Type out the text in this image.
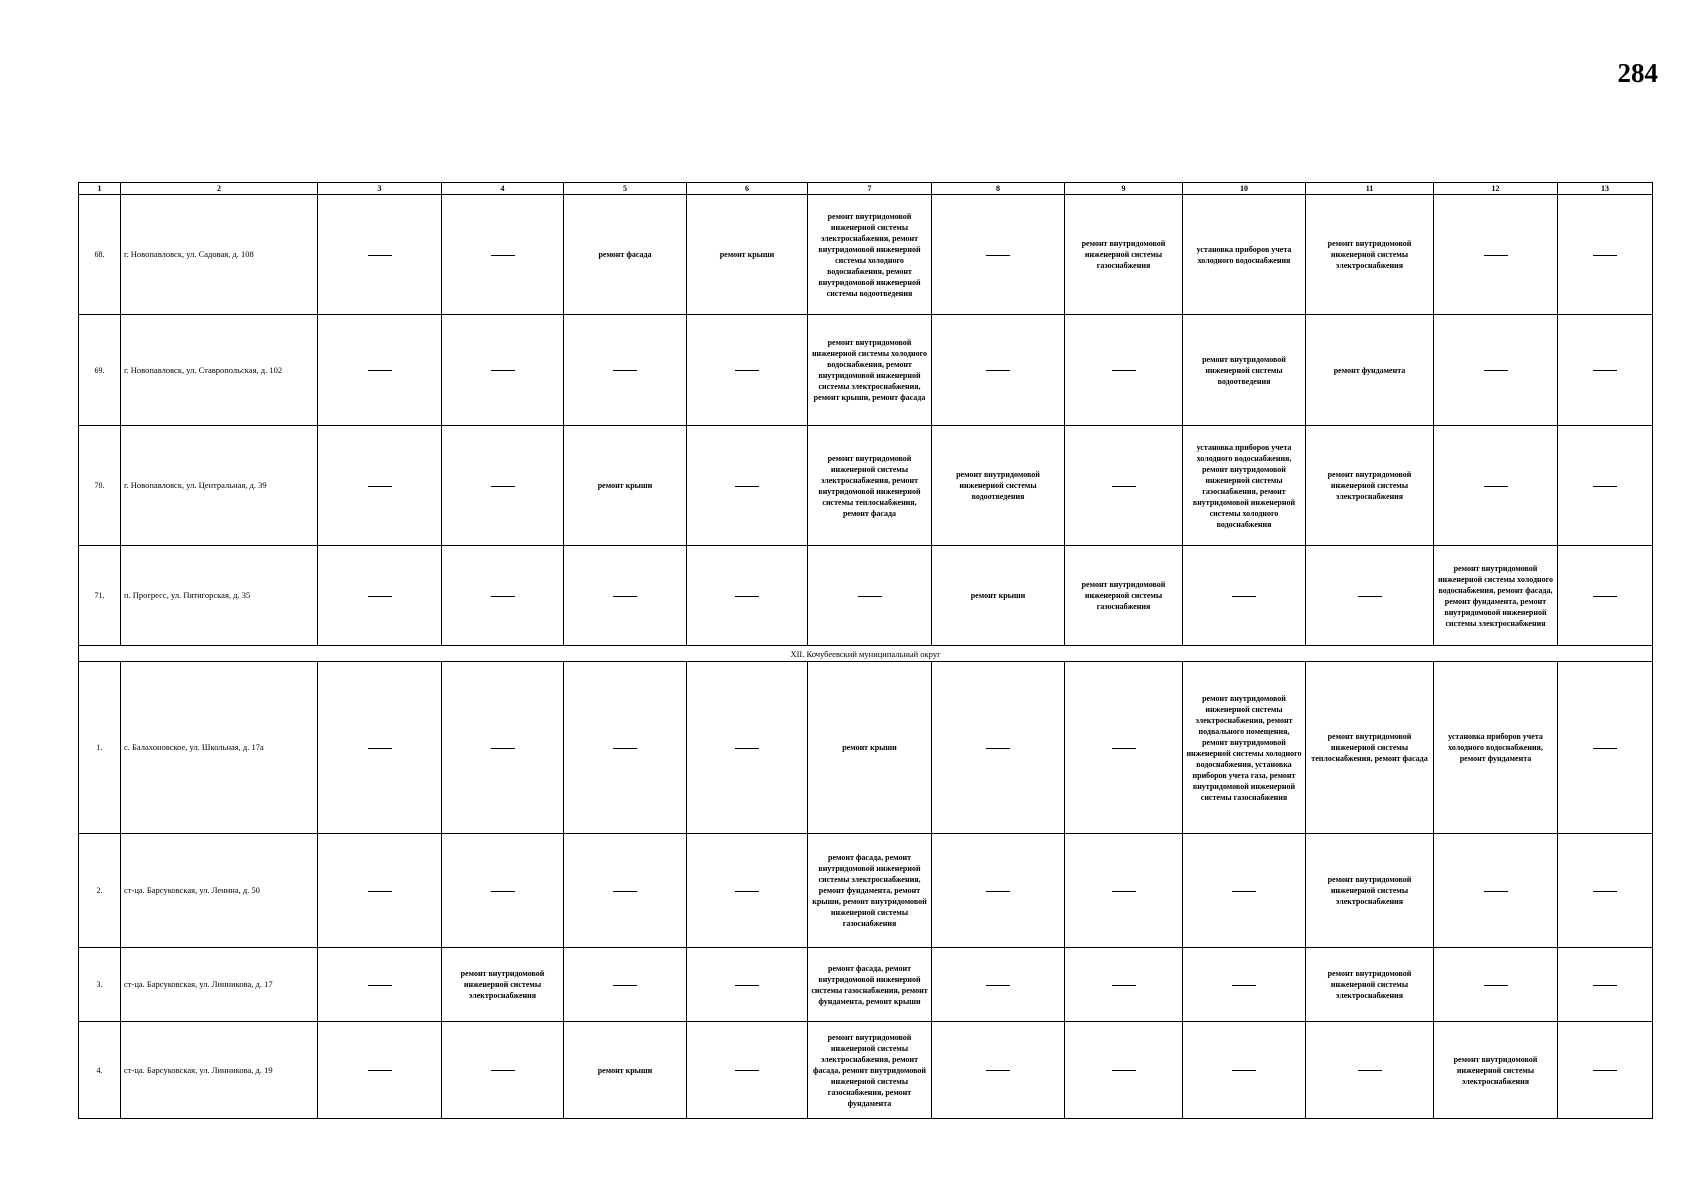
284
1	2	3	4	5	6	7	8	9	10	11	12	13
68.	г. Новопавловск, ул. Садовая, д. 108			ремонт фасада	ремонт крыши	ремонт внутридомовой инженерной системы электроснабжения, ремонт внутридомовой инженерной системы холодного водоснабжения, ремонт внутридомовой инженерной системы водоотведения		ремонт внутридомовой инженерной системы газоснабжения	установка приборов учета холодного водоснабжения	ремонт внутридомовой инженерной системы электроснабжения		
69.	г. Новопавловск, ул. Ставропольская, д. 102					ремонт внутридомовой инженерной системы холодного водоснабжения, ремонт внутридомовой инженерной системы электроснабжения, ремонт крыши, ремонт фасада			ремонт внутридомовой инженерной системы водоотведения	ремонт фундамента		
70.	г. Новопавловск, ул. Центральная, д. 39			ремонт крыши		ремонт внутридомовой инженерной системы электроснабжения, ремонт внутридомовой инженерной системы теплоснабжения, ремонт фасада	ремонт внутридомовой инженерной системы водоотведения		установка приборов учета холодного водоснабжения, ремонт внутридомовой инженерной системы газоснабжения, ремонт внутридомовой инженерной системы холодного водоснабжения	ремонт внутридомовой инженерной системы электроснабжения		
71.	п. Прогресс, ул. Пятигорская, д. 35						ремонт крыши	ремонт внутридомовой инженерной системы газоснабжения			ремонт внутридомовой инженерной системы холодного водоснабжения, ремонт фасада, ремонт фундамента, ремонт внутридомовой инженерной системы электроснабжения	
XII. Кочубеевский муниципальный округ												
1.	с. Балахоновское, ул. Школьная, д. 17а					ремонт крыши			ремонт внутридомовой инженерной системы электроснабжения, ремонт подвального помещения, ремонт внутридомовой инженерной системы холодного водоснабжения, установка приборов учета газа, ремонт внутридомовой инженерной системы газоснабжения	ремонт внутридомовой инженерной системы теплоснабжения, ремонт фасада	установка приборов учета холодного водоснабжения, ремонт фундамента	
2.	ст-ца. Барсуковская, ул. Ленина, д. 50					ремонт фасада, ремонт внутридомовой инженерной системы электроснабжения, ремонт фундамента, ремонт крыши, ремонт внутридомовой инженерной системы газоснабжения				ремонт внутридомовой инженерной системы электроснабжения		
3.	ст-ца. Барсуковская, ул. Линникова, д. 17		ремонт внутридомовой инженерной системы электроснабжения			ремонт фасада, ремонт внутридомовой инженерной системы газоснабжения, ремонт фундамента, ремонт крыши				ремонт внутридомовой инженерной системы электроснабжения		
4.	ст-ца. Барсуковская, ул. Линникова, д. 19			ремонт крыши		ремонт внутридомовой инженерной системы электроснабжения, ремонт фасада, ремонт внутридомовой инженерной системы газоснабжения, ремонт фундамента					ремонт внутридомовой инженерной системы электроснабжения	
